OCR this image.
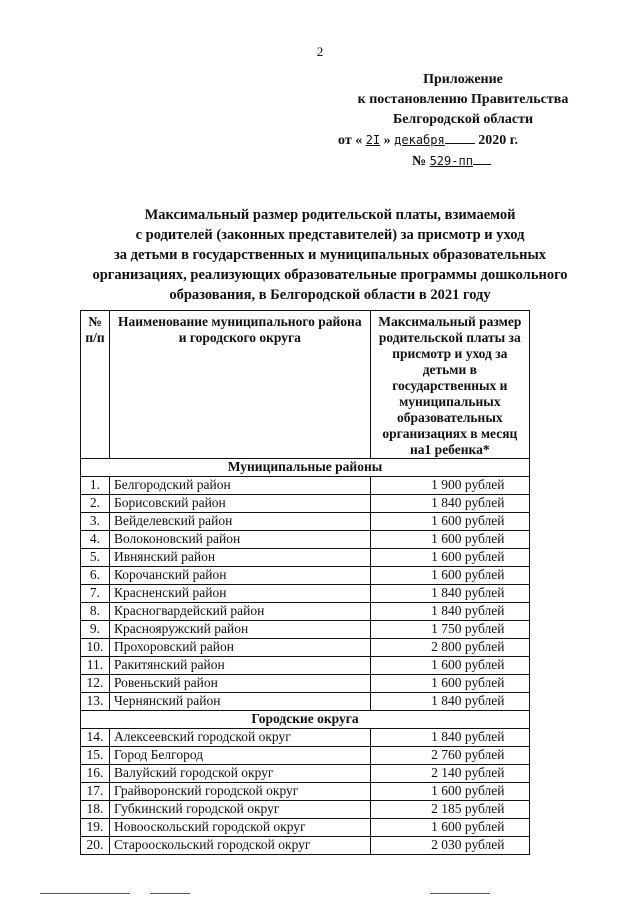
2
Приложение
к постановлению Правительства
Белгородской области
от « 2I » декабря 2020 г.
№ 529-пп
Максимальный размер родительской платы, взимаемой
с родителей (законных представителей) за присмотр и уход
за детьми в государственных и муниципальных образовательных
организациях, реализующих образовательные программы дошкольного
образования, в Белгородской области в 2021 году
№ п/п	Наименование муниципального района и городского округа	Максимальный размер родительской платы за присмотр и уход за детьми в государственных и муниципальных образовательных организациях в месяц на1 ребенка*
Муниципальные районы		
1.	Белгородский район	1 900 рублей
2.	Борисовский район	1 840 рублей
3.	Вейделевский район	1 600 рублей
4.	Волоконовский район	1 600 рублей
5.	Ивнянский район	1 600 рублей
6.	Корочанский район	1 600 рублей
7.	Красненский район	1 840 рублей
8.	Красногвардейский район	1 840 рублей
9.	Краснояружский район	1 750 рублей
10.	Прохоровский район	2 800 рублей
11.	Ракитянский район	1 600 рублей
12.	Ровеньский район	1 600 рублей
13.	Чернянский район	1 840 рублей
Городские округа		
14.	Алексеевский городской округ	1 840 рублей
15.	Город Белгород	2 760 рублей
16.	Валуйский городской округ	2 140 рублей
17.	Грайворонский городской округ	1 600 рублей
18.	Губкинский городской округ	2 185 рублей
19.	Новооскольский городской округ	1 600 рублей
20.	Старооскольский городской округ	2 030 рублей
